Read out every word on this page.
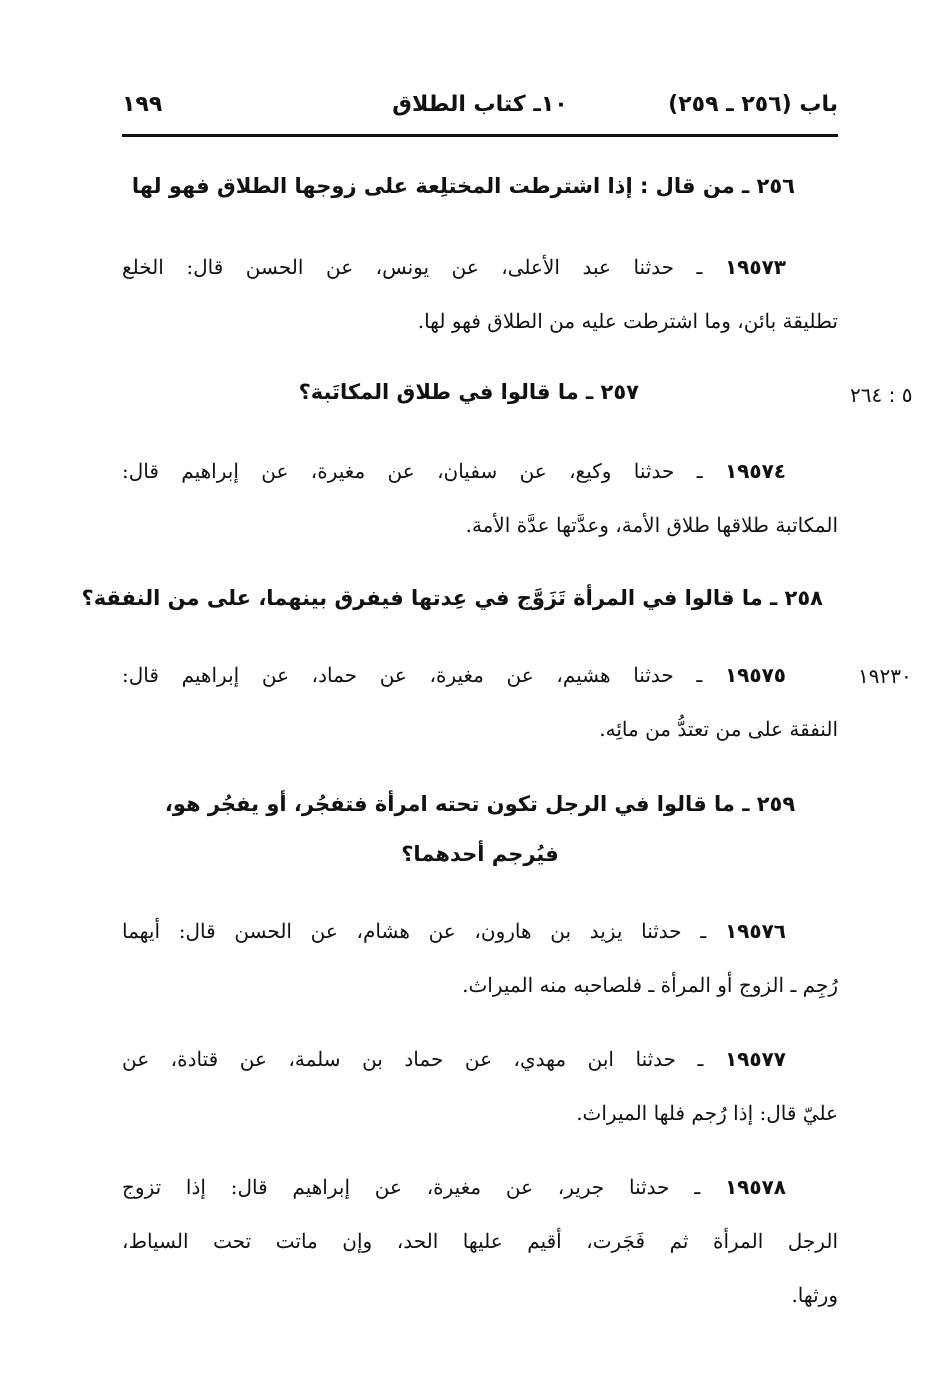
باب (٢٥٦ ـ ٢٥٩)
١٠ـ كتاب الطلاق
١٩٩
٢٥٦ ـ من قال : إذا اشترطت المختلِعة على زوجها الطلاق فهو لها
١٩٥٧٣ ـ حدثنا عبد الأعلى، عن يونس، عن الحسن قال: الخلع
تطليقة بائن، وما اشترطت عليه من الطلاق فهو لها.
٢٥٧ ـ ما قالوا في طلاق المكاتَبة؟	٥ : ٢٦٤
١٩٥٧٤ ـ حدثنا وكيع، عن سفيان، عن مغيرة، عن إبراهيم قال:
المكاتبة طلاقها طلاق الأمة، وعدَّتها عدَّة الأمة.
٢٥٨ ـ ما قالوا في المرأة تَزَوَّج في عِدتها فيفرق بينهما، على من النفقة؟
١٩٥٧٥ ـ حدثنا هشيم، عن مغيرة، عن حماد، عن إبراهيم قال:
النفقة على من تعتدُّ من مائِه.
١٩٢٣٠
٢٥٩ ـ ما قالوا في الرجل تكون تحته امرأة فتفجُر، أو يفجُر هو،
فيُرجم أحدهما؟
١٩٥٧٦ ـ حدثنا يزيد بن هارون، عن هشام، عن الحسن قال: أيهما
رُجِم ـ الزوج أو المرأة ـ فلصاحبه منه الميراث.
١٩٥٧٧ ـ حدثنا ابن مهدي، عن حماد بن سلمة، عن قتادة، عن
عليّ قال: إذا رُجم فلها الميراث.
١٩٥٧٨ ـ حدثنا جرير، عن مغيرة، عن إبراهيم قال: إذا تزوج
الرجل المرأة ثم فَجَرت، أقيم عليها الحد، وإن ماتت تحت السياط،
ورثها.
